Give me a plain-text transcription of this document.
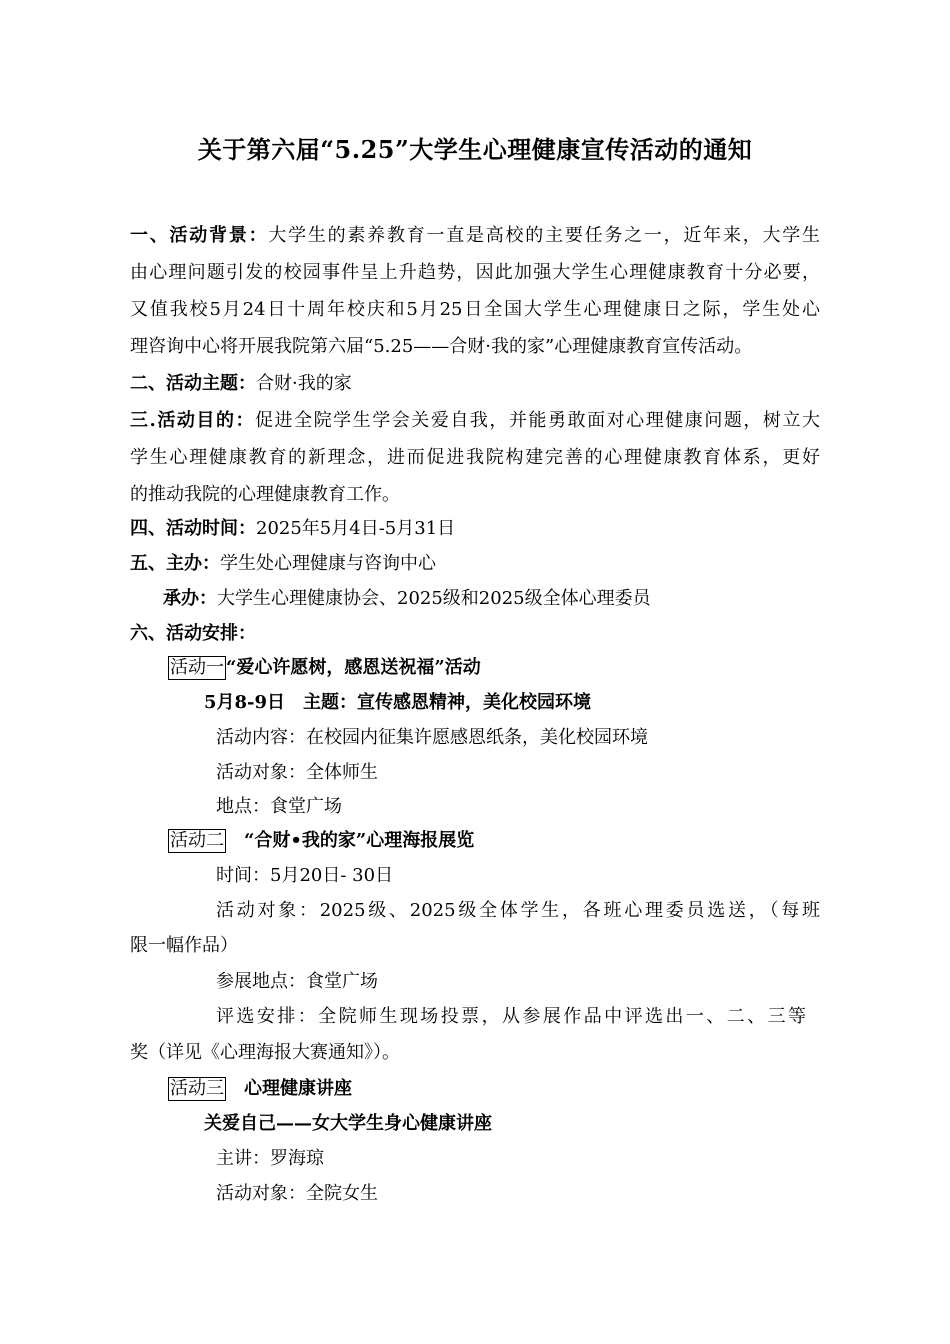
关于第六届“5.25”大学生心理健康宣传活动的通知
一、活动背景：大学生的素养教育一直是高校的主要任务之一，近年来，大学生
由心理问题引发的校园事件呈上升趋势，因此加强大学生心理健康教育十分必要，
又值我校5月24日十周年校庆和5月25日全国大学生心理健康日之际，学生处心
理咨询中心将开展我院第六届“5.25——合财·我的家”心理健康教育宣传活动。
二、活动主题：合财·我的家
三.活动目的：促进全院学生学会关爱自我，并能勇敢面对心理健康问题，树立大
学生心理健康教育的新理念，进而促进我院构建完善的心理健康教育体系，更好
的推动我院的心理健康教育工作。
四、活动时间：2025年5月4日-5月31日
五、主办：学生处心理健康与咨询中心
承办：大学生心理健康协会、2025级和2025级全体心理委员
六、活动安排：
活动一 “爱心许愿树，感恩送祝福”活动
5月8-9日　主题：宣传感恩精神，美化校园环境
活动内容：在校园内征集许愿感恩纸条，美化校园环境
活动对象：全体师生
地点：食堂广场
活动二 “合财•我的家”心理海报展览
时间：5月20日- 30日
活动对象：2025级、2025级全体学生，各班心理委员选送，（每班
限一幅作品）
参展地点：食堂广场
评选安排：全院师生现场投票，从参展作品中评选出一、二、三等
奖（详见《心理海报大赛通知》）。
活动三 心理健康讲座
关爱自己——女大学生身心健康讲座
主讲：罗海琼
活动对象：全院女生
